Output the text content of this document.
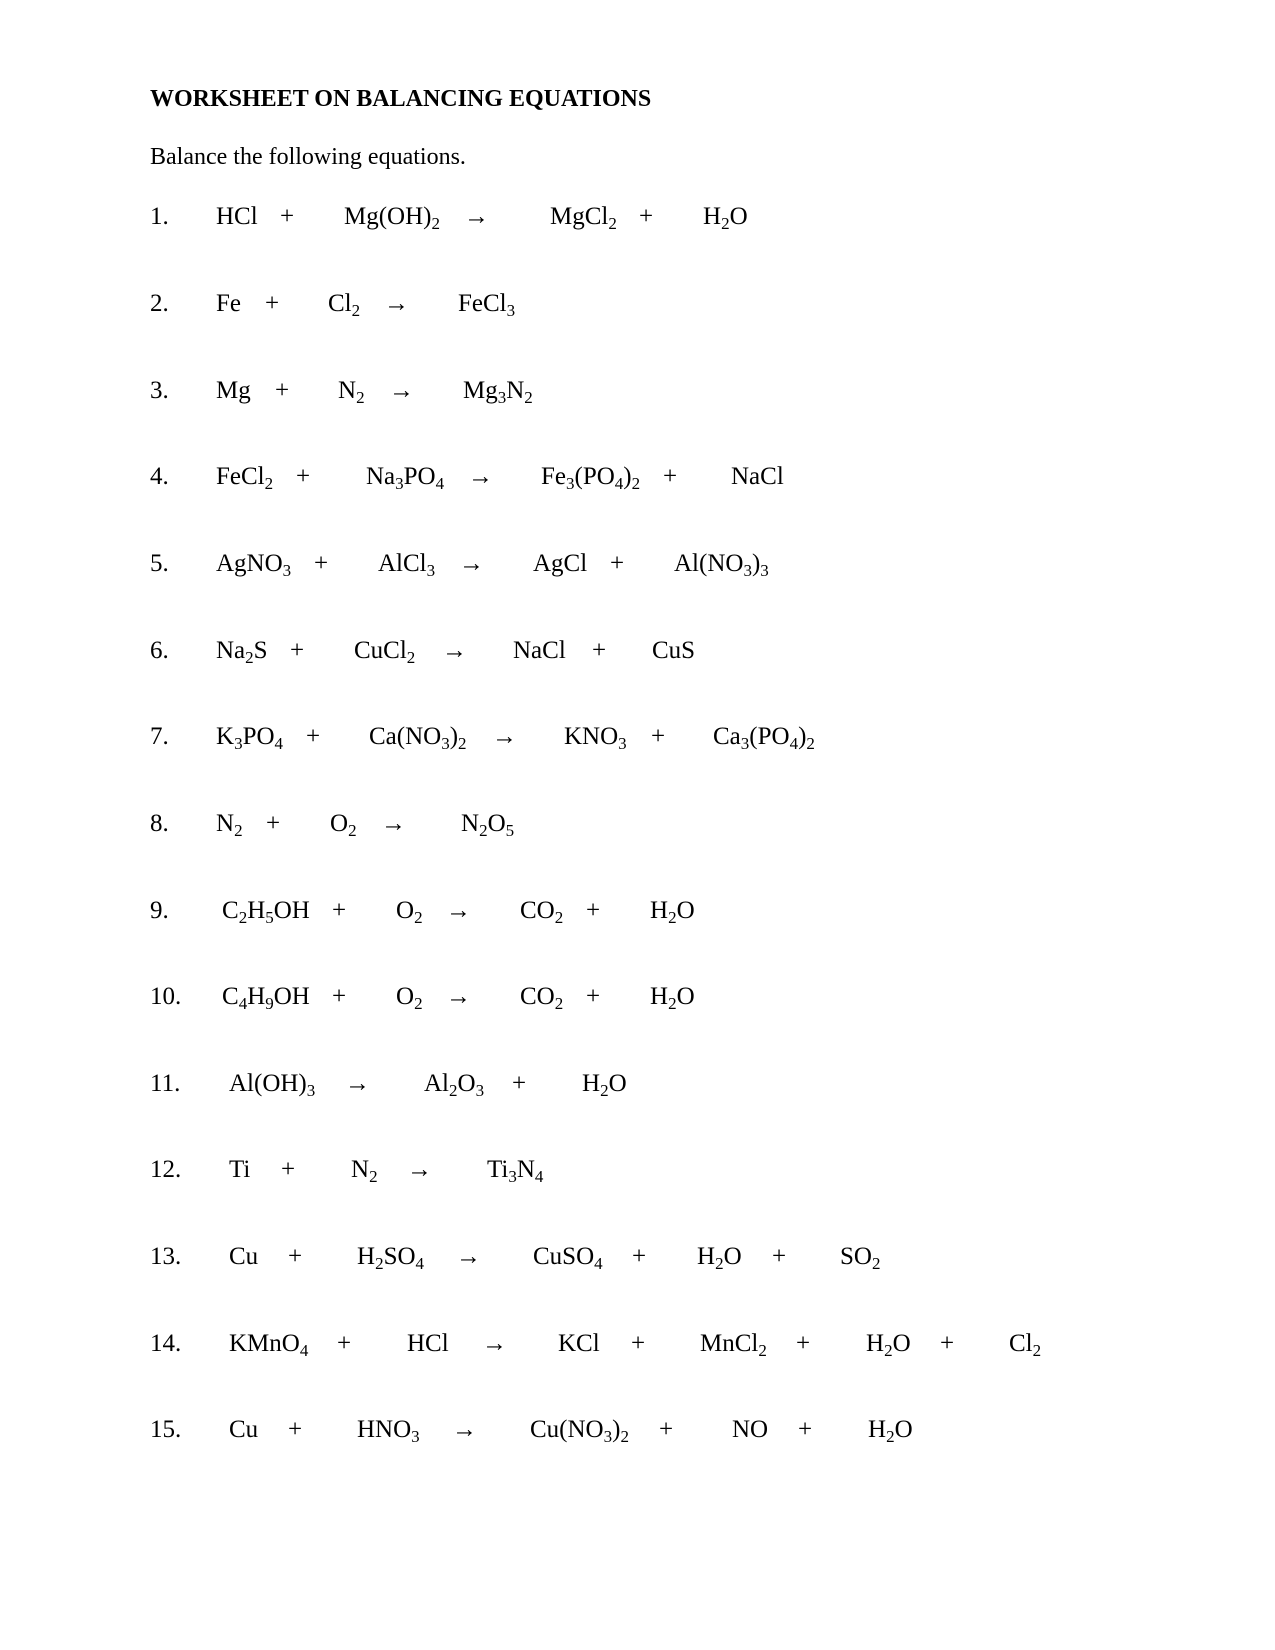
WORKSHEET ON BALANCING EQUATIONS
Balance the following equations.
1. HCl + $Mg(OH)_2$ → MgCl$_2$ + $H_2O$
2. $Fe + Cl_2$ → FeCl$_3$
3. $Mg + N_2 \to Mg_3N_2$
4. FeCl$_2$ + $Na_3PO_4 \to Fe_3(PO_4)_2$ + NaCl
5. AgNO$_3$ + AlCl$_3$ → AgCl + $Al(NO_3)_3$
6. $Na_2S$ + CuCl$_2$ → NaCl + CuS
7. $K_3PO_4 + Ca(NO_3)_2 \to KNO_3 + Ca_3(PO_4)_2$
8. $N_2 + O_2 \to N_2O_5$
9. $C_2H_5OH + O_2 \to CO_2 + H_2O$
10. $C_4H_9OH + O_2 \to CO_2 + H_2O$
11. $Al(OH)_3 \to Al_2O_3 + H_2O$
12. $Ti + N_2 \to Ti_3N_4$
13. $Cu + H_2SO_4$ → CuSO$_4$ + $H_2O + SO_2$
14. KMnO$_4$ + HCl → KCl + MnCl$_2$ + $H_2O + Cl_2$
15. $Cu + HNO_3 \to Cu(NO_3)_2$ + NO + $H_2O$
